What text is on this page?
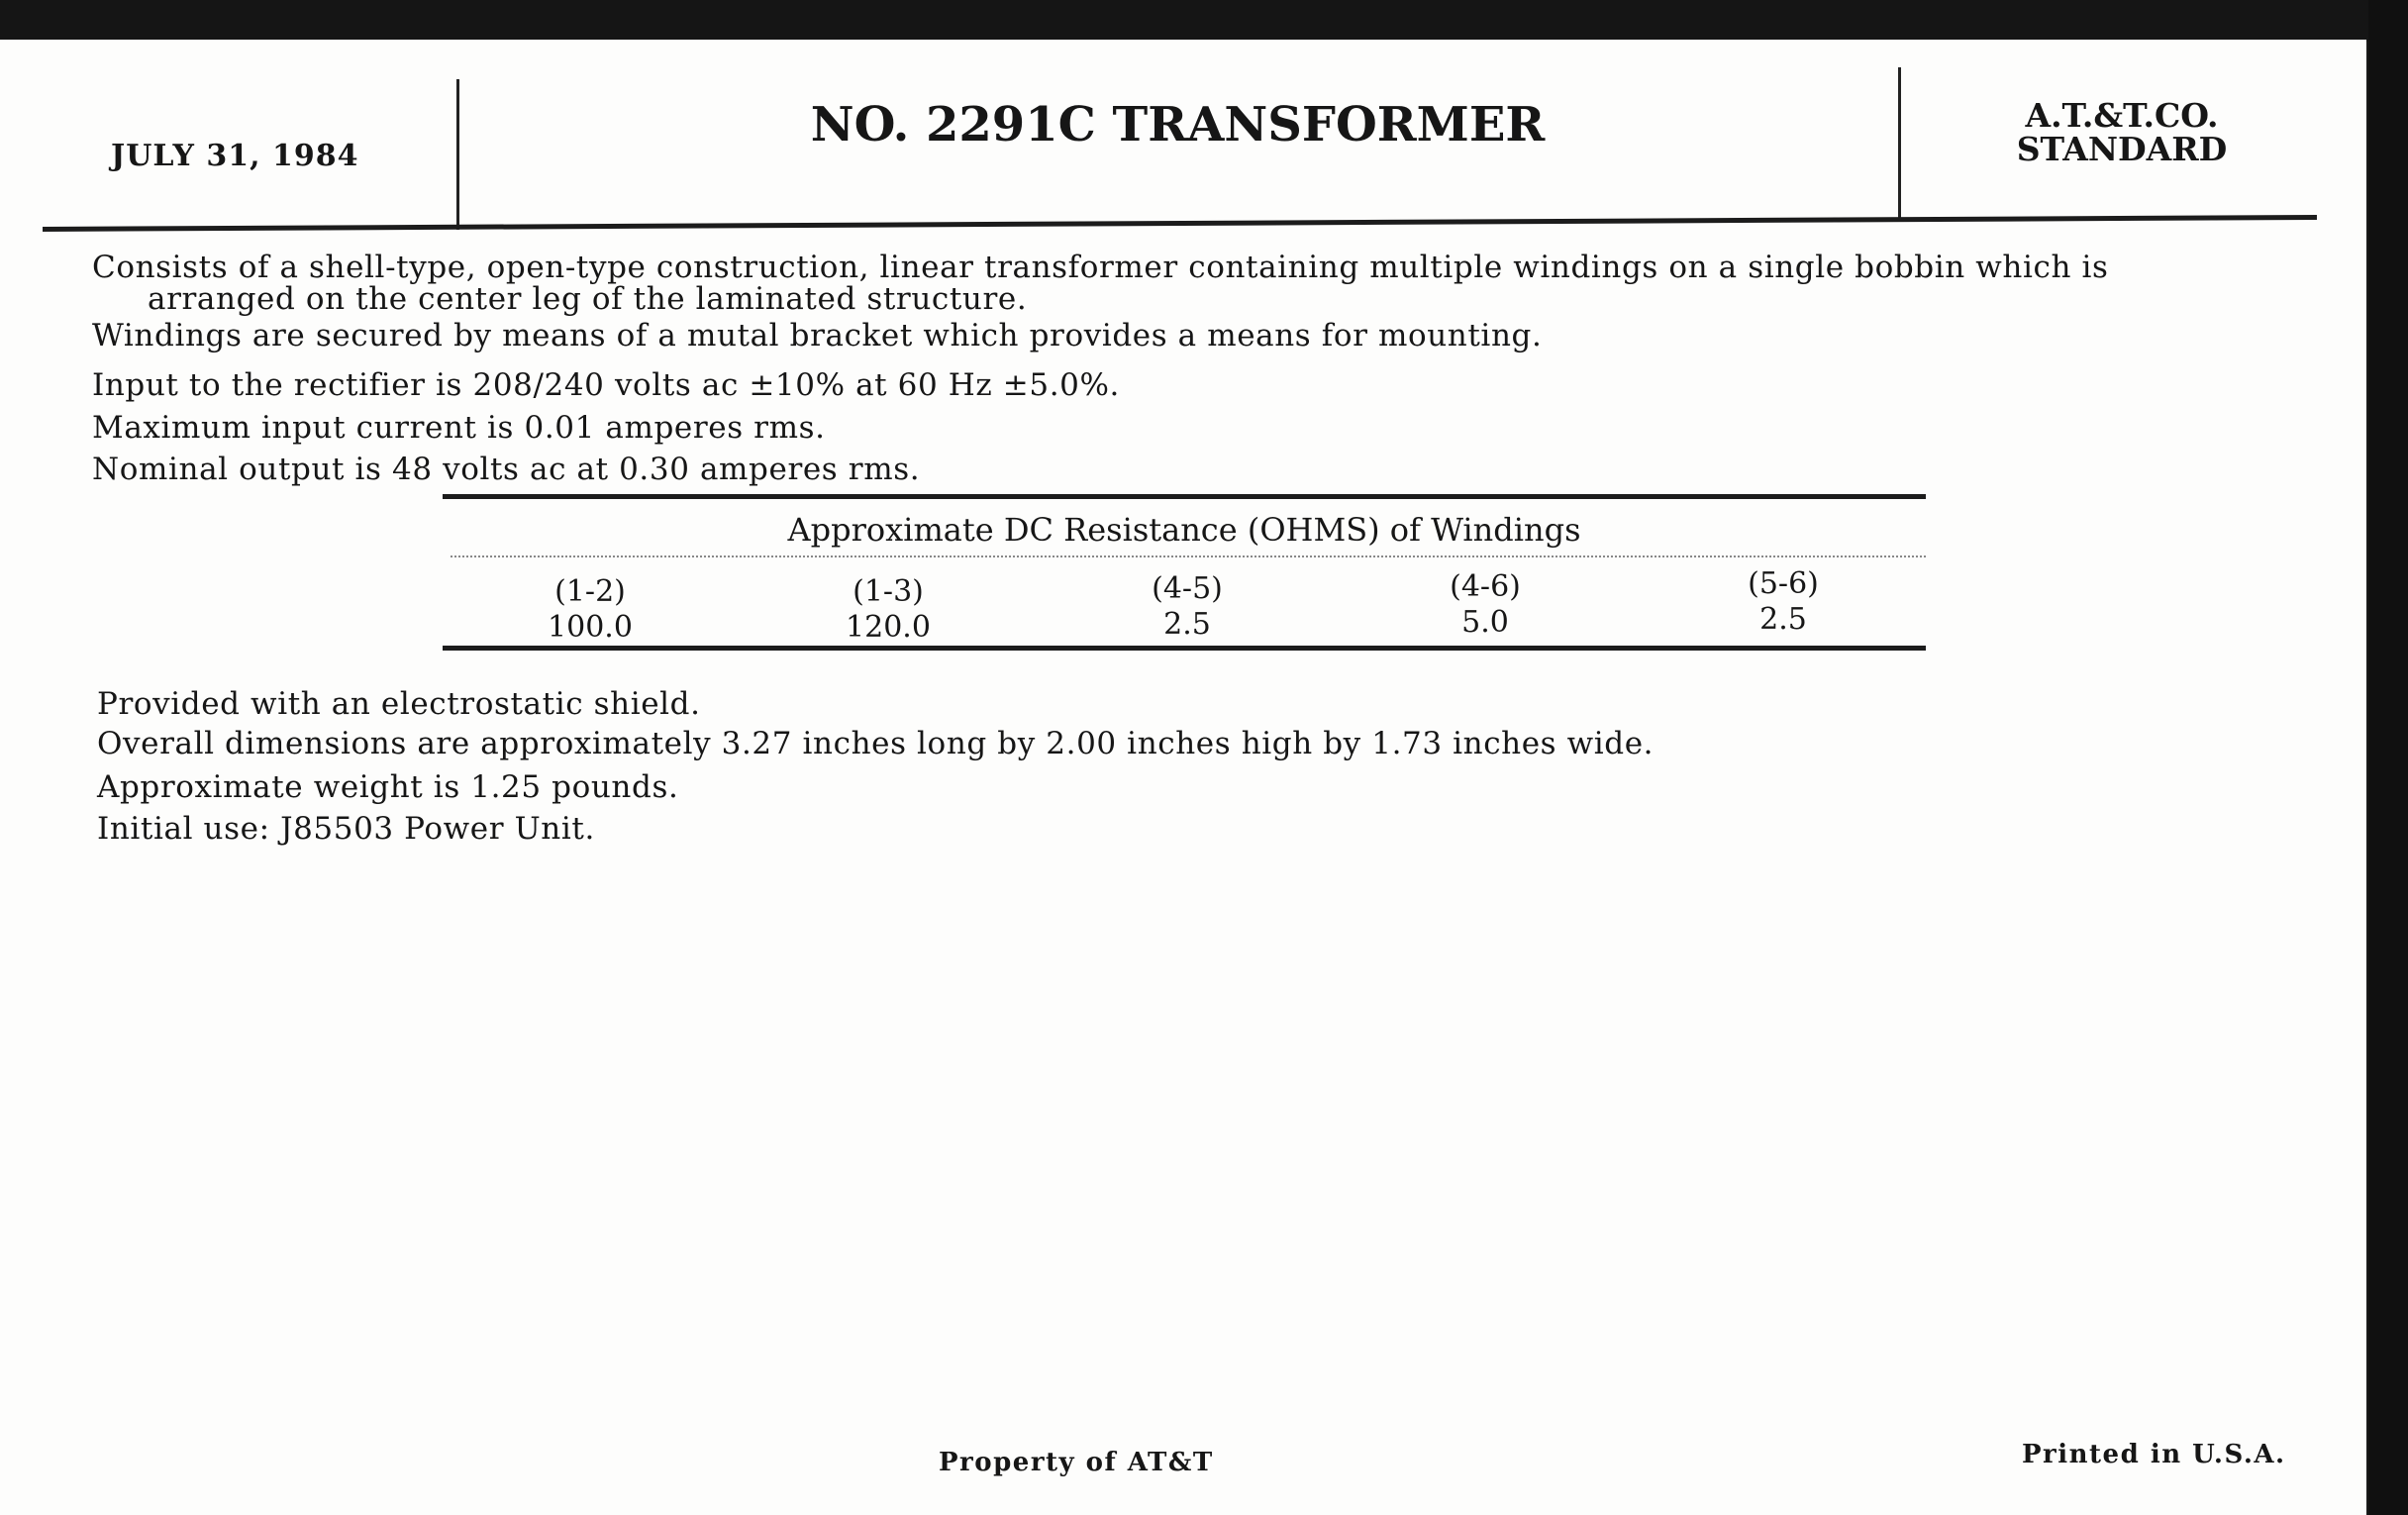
JULY 31, 1984
NO. 2291C TRANSFORMER	A.T.&T.CO.
STANDARD
Consists of a shell-type, open-type construction, linear transformer containing multiple windings on a single bobbin which is
arranged on the center leg of the laminated structure.
Windings are secured by means of a mutal bracket which provides a means for mounting.
Input to the rectifier is 208/240 volts ac ±10% at 60 Hz ±5.0%.
Maximum input current is 0.01 amperes rms.
Nominal output is 48 volts ac at 0.30 amperes rms.
Approximate DC Resistance (OHMS) of Windings
(1-2)
100.0
(1-3)
120.0
(4-5)
2.5
(4-6)
5.0
(5-6)
2.5
Provided with an electrostatic shield.
Overall dimensions are approximately 3.27 inches long by 2.00 inches high by 1.73 inches wide.
Approximate weight is 1.25 pounds.
Initial use: J85503 Power Unit.
Property of AT&T	Printed in U.S.A.
